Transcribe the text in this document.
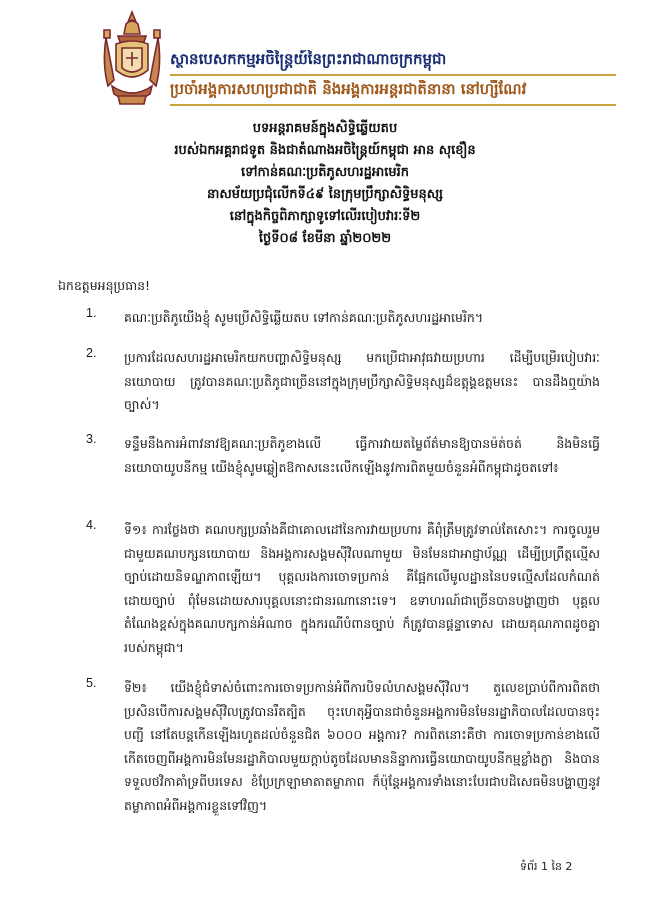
ស្ថានបេសកកម្មអចិន្ត្រៃយ៍នៃព្រះរាជាណាចក្រកម្ពុជា
ប្រចាំអង្គការសហប្រជាជាតិ និងអង្គការអន្តរជាតិនានា នៅហ្សឺណែវ
បទអន្តរាគមន៍ក្នុងសិទ្ធិឆ្លើយតប
របស់ឯកអគ្គរាជទូត និងជាតំណាងអចិន្ត្រៃយ៍កម្ពុជា អាន សុខឿន
ទៅកាន់គណៈប្រតិភូសហរដ្ឋអាមេរិក
នាសម័យប្រជុំលើកទី៤៩ នៃក្រុមប្រឹក្សាសិទ្ធិមនុស្ស
នៅក្នុងកិច្ចពិភាក្សាទូទៅលើរបៀបវារៈទី២
ថ្ងៃទី០៨ ខែមីនា ឆ្នាំ២០២២
ឯកឧត្តមអនុប្រធាន!
1. គណៈប្រតិភូយើងខ្ញុំ សូមប្រើសិទ្ធិឆ្លើយតប ទៅកាន់គណៈប្រតិភូសហរដ្ឋអាមេរិក។
2. ប្រការដែលសហរដ្ឋអាមេរិកយកបញ្ហាសិទ្ធិមនុស្ស មកប្រើជាអាវុធវាយប្រហារ ដើម្បីបម្រើរបៀបវារៈនយោបាយ ត្រូវបានគណៈប្រតិភូជាច្រើននៅក្នុងក្រុមប្រឹក្សាសិទ្ធិមនុស្សដ៏ឧត្តុង្គឧត្តមនេះ បានដឹងឮយ៉ាងច្បាស់។
3. ទន្ទឹមនឹងការអំពាវនាវឱ្យគណៈប្រតិភូខាងលើ ធ្វើការវាយតម្លៃព័ត៌មានឱ្យបានម៉ត់ចត់ និងមិនធ្វើនយោបាយូបនីកម្ម យើងខ្ញុំសូមឆ្លៀតឱកាសនេះលើកឡើងនូវការពិតមួយចំនួនអំពីកម្ពុជាដូចតទៅ៖
4. ទី១៖ ការថ្លែងថា គណបក្សប្រឆាំងគឺជាគោលដៅនៃការវាយប្រហារ គឺពុំត្រឹមត្រូវទាល់តែសោះ។ ការចូលរួមជាមួយគណបក្សនយោបាយ និងអង្គការសង្គមស៊ីវិលណាមួយ មិនមែនជាអាជ្ញាប័ណ្ណ ដើម្បីប្រព្រឹត្តល្មើសច្បាប់ដោយនិទណ្ឌភាពឡើយ។ បុគ្គលរងការចោទប្រកាន់ គឺផ្អែកលើមូលដ្ឋាននៃបទល្មើសដែលកំណត់ដោយច្បាប់ ពុំមែនដោយសារបុគ្គលនោះជានរណានោះទេ។ ឧទាហរណ៍ជាច្រើនបានបង្ហាញថា បុគ្គលតំណែងខ្ពស់ក្នុងគណបក្សកាន់អំណាច ក្នុងករណីបំពានច្បាប់ ក៏ត្រូវបានផ្តន្ទាទោស ដោយគុណភាពដូចគ្នារបស់កម្ពុជា។
5. ទី២៖ យើងខ្ញុំជំទាស់ចំពោះការចោទប្រកាន់អំពីការបិទលំហសង្គមស៊ីវិល។ តួលេខប្រាប់ពីការពិតថា ប្រសិនបើការសង្គមស៊ីវិលត្រូវបានរឹតត្បិត ចុះហេតុអ្វីបានជាចំនួនអង្គការមិនមែនរដ្ឋាភិបាលដែលបានចុះបញ្ជី នៅតែបន្តកើនឡើងរហូតដល់ចំនួនជិត ៦០០០ អង្គការ? ការពិតនោះគឺថា ការចោទប្រកាន់ខាងលើ កើតចេញពីអង្គការមិនមែនរដ្ឋាភិបាលមួយក្តាប់តូចដែលមាននិន្នាការធ្វើនយោបាយូបនីកម្មខ្លាំងក្លា និងបានទទួលថវិកាគាំទ្រពីបរទេស ខំប្រែក្រឡាមាតាតម្លាភាព ក៏ប៉ុន្តែអង្គការទាំងនោះបែរជាបដិសេធមិនបង្ហាញនូវតម្លាភាពអំពីអង្គការខ្លួនទៅវិញ។
ទំព័រ 1 នៃ 2
